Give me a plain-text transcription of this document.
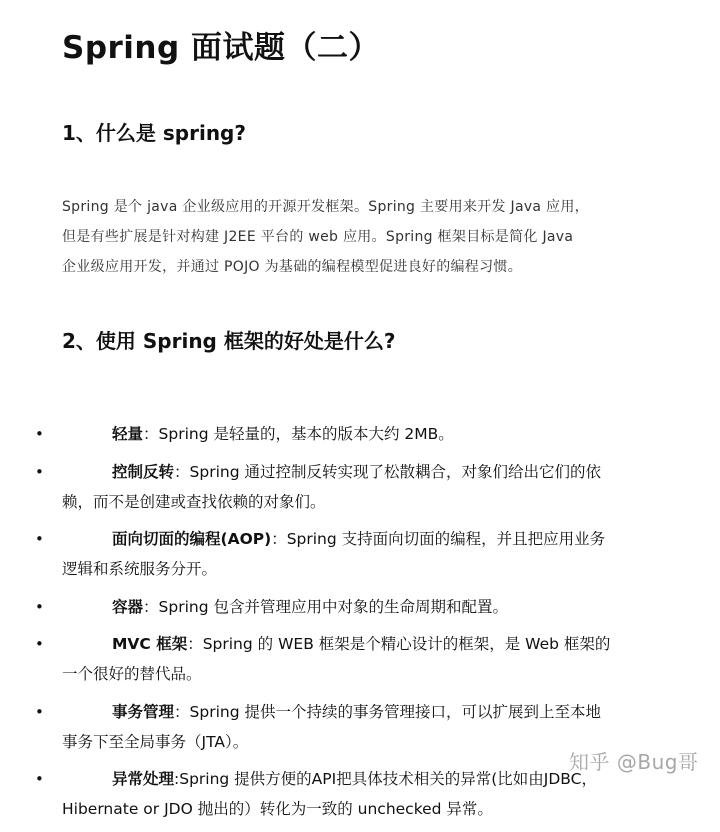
Spring 面试题（二）
1、什么是 spring?

Spring 是个 java 企业级应用的开源开发框架。Spring 主要用来开发 Java 应用，

但是有些扩展是针对构建 J2EE 平台的 web 应用。Spring 框架目标是简化 Java

企业级应用开发，并通过 POJO 为基础的编程模型促进良好的编程习惯。

2、使用 Spring 框架的好处是什么?
•	轻量：Spring 是轻量的，基本的版本大约 2MB。
•	控制反转：Spring 通过控制反转实现了松散耦合，对象们给出它们的依
赖，而不是创建或查找依赖的对象们。
•	面向切面的编程(AOP)：Spring 支持面向切面的编程，并且把应用业务
逻辑和系统服务分开。
•	容器：Spring 包含并管理应用中对象的生命周期和配置。
•	MVC 框架：Spring 的 WEB 框架是个精心设计的框架，是 Web 框架的
一个很好的替代品。
•	事务管理：Spring 提供一个持续的事务管理接口，可以扩展到上至本地
事务下至全局事务（JTA）。
•	异常处理:Spring 提供方便的API把具体技术相关的异常(比如由JDBC，
Hibernate or JDO 抛出的）转化为一致的 unchecked 异常。
知乎 @Bug哥
